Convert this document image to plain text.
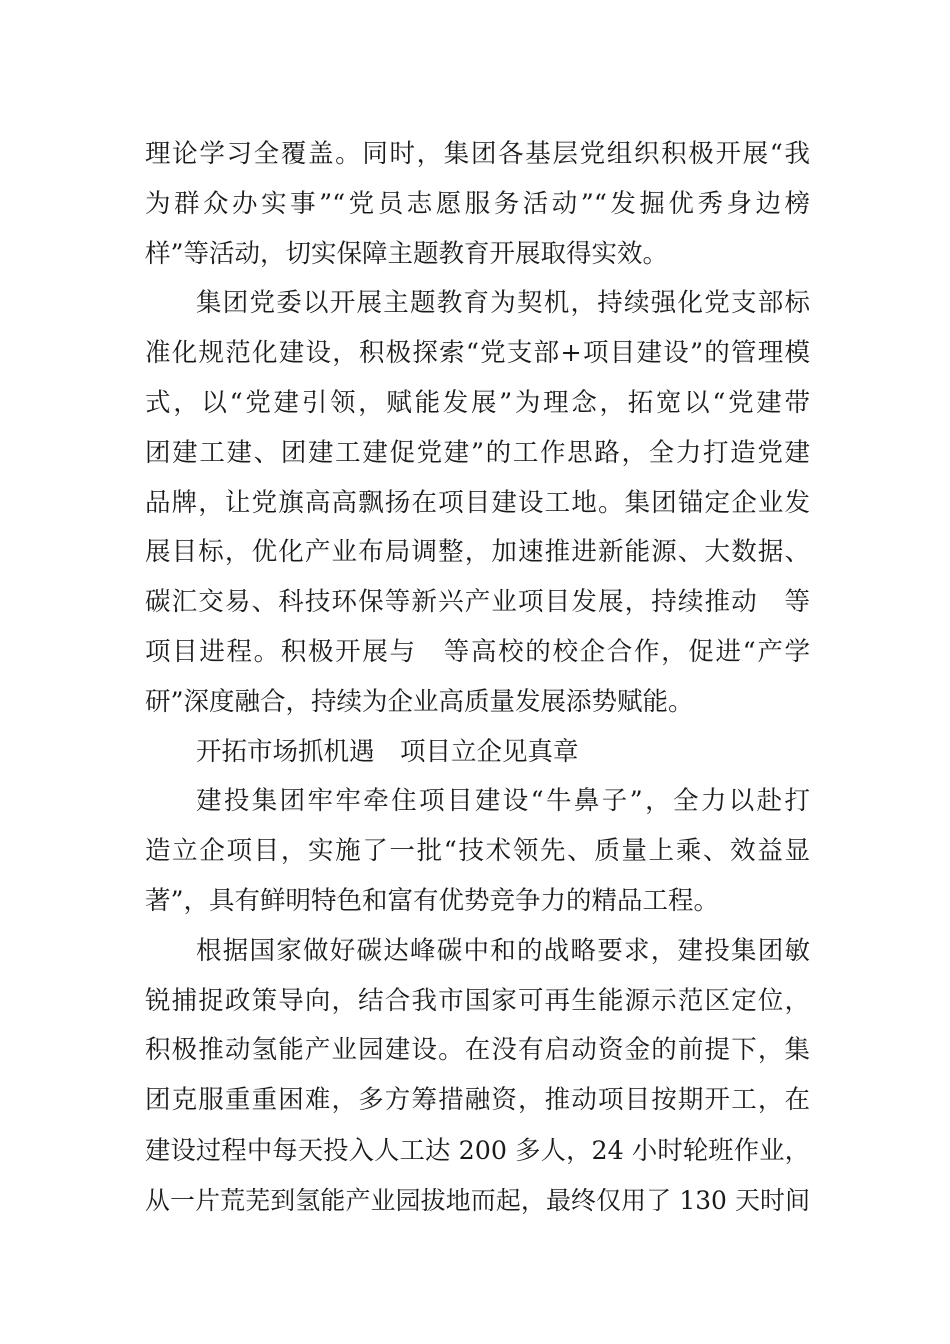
理论学习全覆盖。同时，集团各基层党组织积极开展“我
为群众办实事”“党员志愿服务活动”“发掘优秀身边榜
样”等活动，切实保障主题教育开展取得实效。
集团党委以开展主题教育为契机，持续强化党支部标
准化规范化建设，积极探索“党支部+项目建设”的管理模
式，以“党建引领，赋能发展”为理念，拓宽以“党建带
团建工建、团建工建促党建”的工作思路，全力打造党建
品牌，让党旗高高飘扬在项目建设工地。集团锚定企业发
展目标，优化产业布局调整，加速推进新能源、大数据、
碳汇交易、科技环保等新兴产业项目发展，持续推动　等
项目进程。积极开展与　等高校的校企合作，促进“产学
研”深度融合，持续为企业高质量发展添势赋能。
开拓市场抓机遇　项目立企见真章
建投集团牢牢牵住项目建设“牛鼻子”，全力以赴打
造立企项目，实施了一批“技术领先、质量上乘、效益显
著”，具有鲜明特色和富有优势竞争力的精品工程。
根据国家做好碳达峰碳中和的战略要求，建投集团敏
锐捕捉政策导向，结合我市国家可再生能源示范区定位，
积极推动氢能产业园建设。在没有启动资金的前提下，集
团克服重重困难，多方筹措融资，推动项目按期开工，在
建设过程中每天投入人工达 200 多人，24 小时轮班作业，
从一片荒芜到氢能产业园拔地而起，最终仅用了 130 天时间
